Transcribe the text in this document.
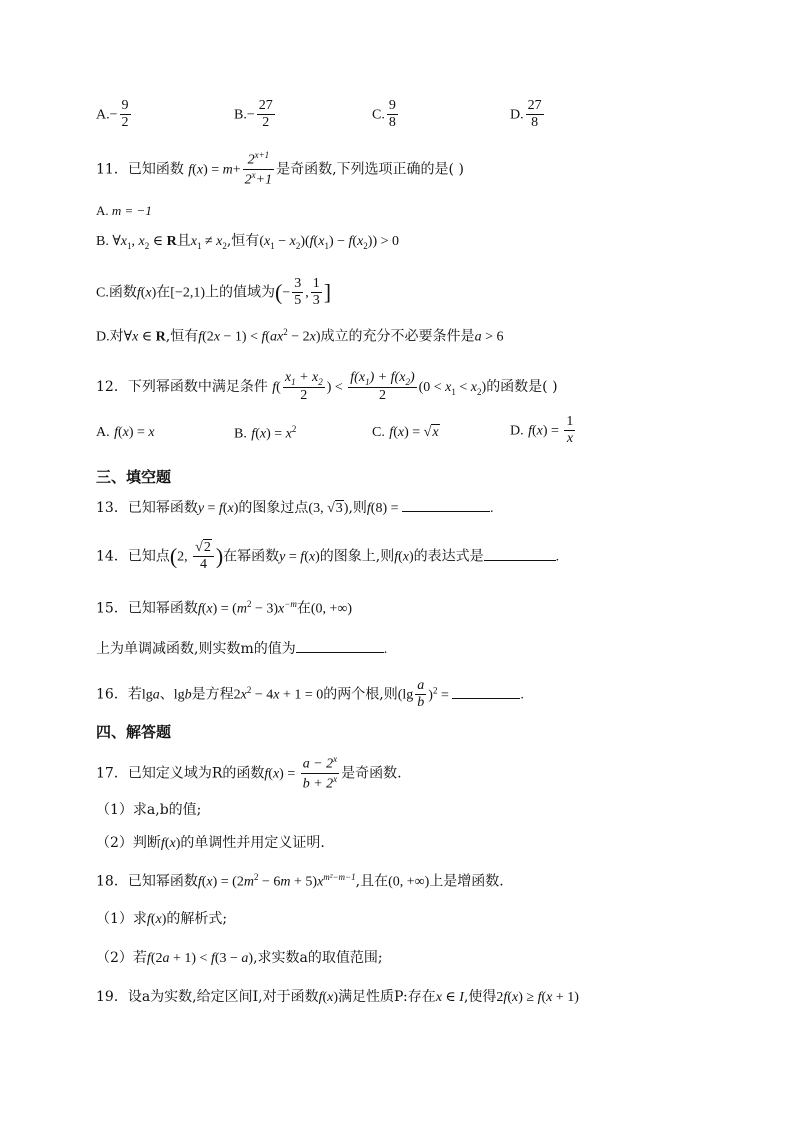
$A.- \frac{9}{2}$	$B.- \frac{27}{2}$	C. $\frac{9}{8}$	D. $\frac{27}{8}$
11．已知函数 $f(x) = m+ \frac{2^{x+1}}{2^x+1}$ 是奇函数,下列选项正确的是( )
A. m = −1
B. $\forall x_1$, $x_2$ ∈ R且$x_1 \ne x_2$,恒有$(x_1 - x_2)(f(x_1) - f(x_2)) > 0$
C.函数f(x)在[−2,1)上的值域为(− $\frac{3}{5}$ , $\frac{1}{3}$ ]
D.对∀x ∈ R,恒有$f(2x - 1) < f(ax^2 - 2x)$成立的充分不必要条件是a > 6
12．下列幂函数中满足条件 $f( \frac{x_1 + x_2}{2}$ ) < $\frac{f(x_1) + f(x_2)}{2} (0 < x_1 < x_2)$的函数是( )
A. f(x) = x	B. $f(x) = x^2$	C. f(x) = √x	D. $f(x) = \frac{1}{x}$
三、填空题
13．已知幂函数y = f(x)的图象过点(3, √3),则f(8) =	.
14．已知点(2, $\frac{√2}{4}$ )在幂函数y = f(x)的图象上,则f(x)的表达式是	.
15．已知幂函数$f(x) = (m^2 - 3)x^{-m}$在(0, +∞)
上为单调减函数,则实数m的值为	.
16．若lga、lgb是方程$2x^2 - 4x + 1 = 0$的两个根,则$(\lg \frac{a}{b} )^2$ =	.
四、解答题
17．已知定义域为R的函数$f(x) = \frac{a - 2^x}{b + 2^x}$ 是奇函数.
（1）求a,b的值;
（2）判断f(x)的单调性并用定义证明.
18．已知幂函数$f(x) = (2m^2 - 6m + 5)x^{m^2-m-1}$,且在(0, +∞)上是增函数.
（1）求f(x)的解析式;
（2）若f(2a + 1) < f(3 − a),求实数a的取值范围;
19．设a为实数,给定区间I,对于函数f(x)满足性质P:存在x ∈ I,使得2f(x) ≥ f(x + 1)
